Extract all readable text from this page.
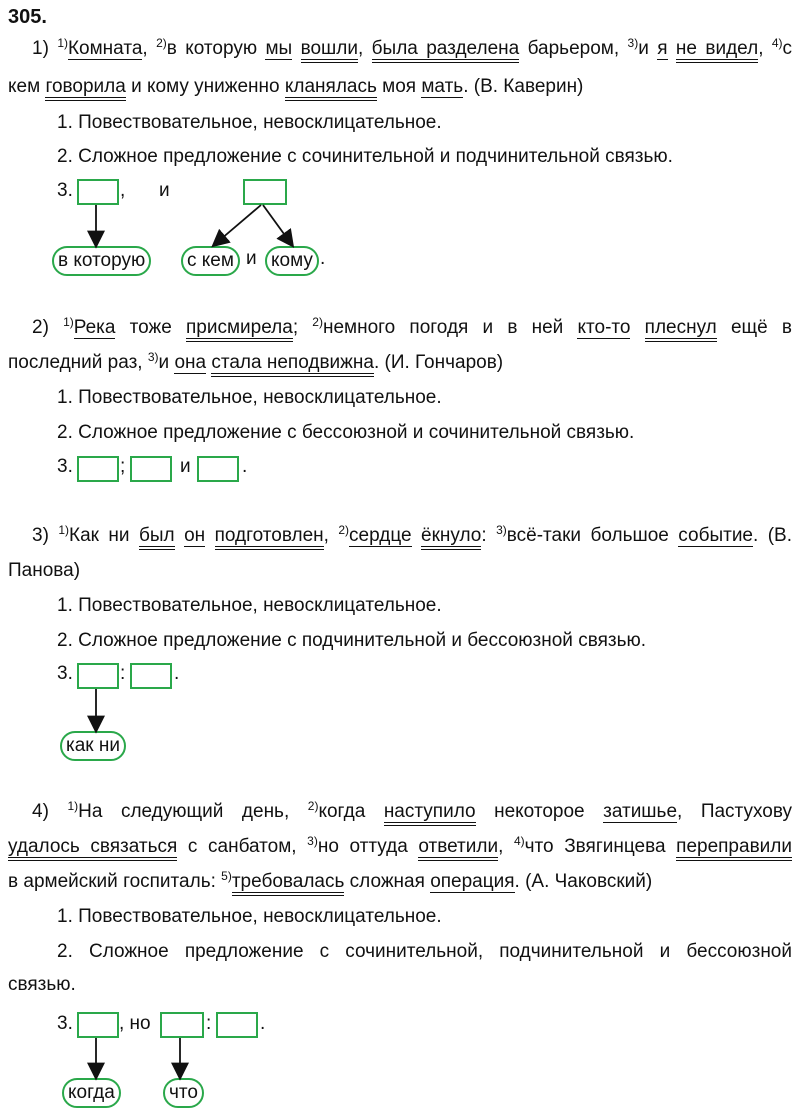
305.
1) $^{1)}$Комната, $^{2)}$в которую мы вошли, была разделена барьером, $^{3)}$и я не видел, $^{4)}$с
кем говорила и кому униженно кланялась моя мать. (В. Каверин)
1. Повествовательное, невосклицательное.
2. Сложное предложение с сочинительной и подчинительной связью.
3. , и
в которую	с кем и кому .
2) $^{1)}$Река тоже присмирела; $^{2)}$немного погодя и в ней кто-то плеснул ещё в
последний раз, $^{3)}$и она стала неподвижна. (И. Гончаров)
1. Повествовательное, невосклицательное.
2. Сложное предложение с бессоюзной и сочинительной связью.
3. ;	и	.
3) $^{1)}$Как ни был он подготовлен, $^{2)}$сердце ёкнуло: $^{3)}$всё-таки большое событие. (В.
Панова)
1. Повествовательное, невосклицательное.
2. Сложное предложение с подчинительной и бессоюзной связью.
3. :	.
как ни
4) $^{1)}$На следующий день, $^{2)}$когда наступило некоторое затишье, Пастухову
удалось связаться с санбатом, $^{3)}$но оттуда ответили, $^{4)}$что Звягинцева переправили
в армейский госпиталь: $^{5)}$требовалась сложная операция. (А. Чаковский)
1. Повествовательное, невосклицательное.
2. Сложное предложение с сочинительной, подчинительной и бессоюзной
связью.
3. , но	:	.
когда	что
